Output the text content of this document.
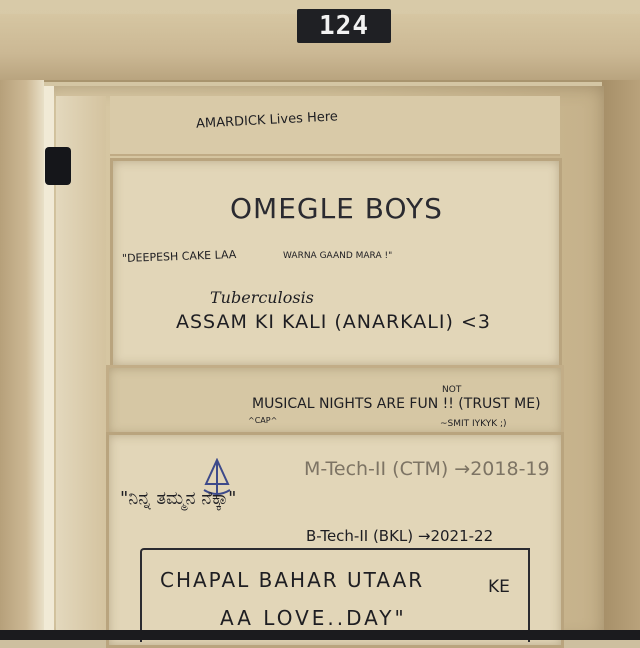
124
AMARDICK Lives Here
OMEGLE BOYS
"DEEPESH CAKE LAA	WARNA GAAND MARA !"
Tuberculosis
ASSAM KI KALI (ANARKALI) <3
NOT
MUSICAL NIGHTS ARE FUN !! (TRUST ME)
^CAP^	~SMIT IYKYK ;)
M-Tech-II (CTM) →2018-19
"ನಿನ್ನ ತಮ್ಮನ ನೆಕ್ಕಾ"
B-Tech-II (BKL) →2021-22
CHAPAL BAHAR UTAAR	KE
AA LOVE..DAY"
